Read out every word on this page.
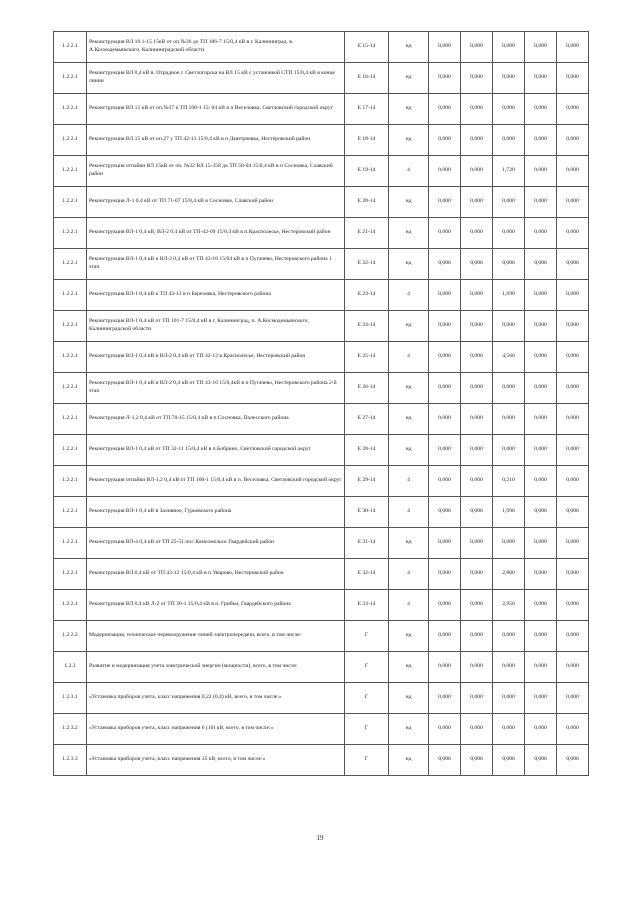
1.2.2.1	Реконструкция ВЛ 10 1-15 15кВ от оп.№36 до ТП 106-7 15/0,4 кВ в г. Калининград. в. А.Космодемьянского. Калининградской области	Е 15-14	нд	0,000	0,000	0,000	0,000	0,000
1.2.2.1	Реконструкция ВЛ 0,4 кВ в. Отрадное г. Светлогорска на ВЛ 15 кВ с установкой СТП 15/0,4 кВ в конце линии	Е 16-14	нд	0,000	0,000	0,000	0,000	0,000
1.2.2.1	Реконструкция ВЛ 15 кВ от оп.№37 к ТП 100-1 15/ 04 кВ в п Веселовка, Светловский городской округ	Е 17-14	нд	0,000	0,000	0,000	0,000	0,000
1.2.2.1	Реконструкция ВЛ 15 кВ от оп.27 у ТП 42-13 15/0,4 кВ в п Дмитриевка, Нестеровский район	Е 18-14	нд	0,000	0,000	0,000	0,000	0,000
1.2.2.1	Реконструкция отпайки ВЛ 15кВ от оп. №22 ВЛ 15-358 до ТП 58-04 15/0,4 кВ в п Сосновка, Славский район	Е 19-14	4	0,000	0,000	1,720	0,000	0,000
1.2.2.1	Реконструкция Л-1 0,4 кВ от ТП 71-07 15/0,4 кВ в Сосновке, Славский район	Е 20-14	нд	0,000	0,000	0,000	0,000	0,000
1.2.2.1	Реконструкция ВЛ-1 0,4 кВ, ВЛ-2 0,4 кВ от ТП-42-09 15/0,4 кВ в п.Красполесье, Нестеровский район	Е 21-14	нд	0,000	0,000	0,000	0,000	0,000
1.2.2.1	Реконструкция ВЛ-1 0,4 кВ и ВЛ-2 0,4 кВ от ТП 43-10 15/04 кВ в п Пугачево, Нестеровского района 1 этап	Е 22-14	нд	0,000	0,000	0,000	0,000	0,000
1.2.2.1	Реконструкция ВЛ-1 0,4 кВ к ТП 43-13 в п Березовка, Нестеровского района	Е 23-14	4	0,000	0,000	1,690	0,000	0,000
1.2.2.1	Реконструкция ВЛ-1 0,4 кВ от ТП 101-7 15/0,4 кВ в г. Калининград, п. А.Космодемьянского, Калининградской области	Е 24-14	нд	0,000	0,000	0,000	0,000	0,000
1.2.2.1	Реконструкция ВЛ-1 0,4 кВ и ВЛ-2 0,4 кВ от ТП 42-12 в Краснолесье, Нестеровский район	Е 25-14	4	0,000	0,000	4,560	0,000	0,000
1.2.2.1	Реконструкция ВЛ-1 0,4 кВ и ВЛ-2 0,4 кВ от ТП 43-10 15/0,4кВ в п Пугачево, Нестеровского района 2-й этап	Е 26-14	нд	0,000	0,000	0,000	0,000	0,000
1.2.2.1	Реконструкция Л-1,2 0,4 кВ от ТП 78-15 15/0,4 кВ в п.Сосновка, Полесского района	Е 27-14	нд	0,000	0,000	0,000	0,000	0,000
1.2.2.1	Реконструкция ВЛ-1 0,4 кВ от ТП 32-11 15/0,4 кВ в п.Бобрино, Светловский городской округ	Е 28-14	нд	0,000	0,000	0,000	0,000	0,000
1.2.2.1	Реконструкция отпайки ВЛ-1,2 0,4 кВ от ТП 100-1 15/0,4 кВ в п. Веселовка, Светловский городской округ	Е 29-14	4	0,000	0,000	0,210	0,000	0,000
1.2.2.1	Реконструкция ВЛ-1 0,4 кВ в Заливное, Гурьевского района	Е 30-14	4	0,000	0,000	1,090	0,000	0,000
1.2.2.1	Реконструкция ВЛ-4 0,4 кВ от ТП 25-51 пос.Комсомольск Гвардейский район	Е 31-14	нд	0,000	0,000	0,000	0,000	0,000
1.2.2.1	Реконструкция ВЛ 0,4 кВ от ТП 43-12 15/0,4 кВ в п Уварово, Нестеровский район	Е 32-14	4	0,000	0,000	2,800	0,000	0,000
1.2.2.1	Реконструкция ВЛ 0,4 кВ Л-2 от ТП 30-1 15/0,4 кВ в п. Грибки, Гвардейского района	Е 33-14	4	0,000	0,000	2,950	0,000	0,000
1.2.2.2	Модернизация, техническое перевооружение линий электропередачи, всего, в том числе:	Г	нд	0,000	0,000	0,000	0,000	0,000
1.2.3	Развитие и модернизация учета электрической энергии (мощности), всего, в том числе:	Г	нд	0,000	0,000	0,000	0,000	0,000
1.2.3.1	«Установка приборов учета, класс напряжения 0,22 (0,4) кВ, всего, в том числе:»	Г	нд	0,000	0,000	0,000	0,000	0,000
1.2.3.2	«Установка приборов учета, класс напряжения 6 (10) кВ, всего, в том числе:»	Г	нд	0,000	0,000	0,000	0,000	0,000
1.2.3.3	«Установка приборов учета, класс напряжения 35 кВ, всего, в том числе:»	Г	нд	0,000	0,000	0,000	0,000	0,000
19
